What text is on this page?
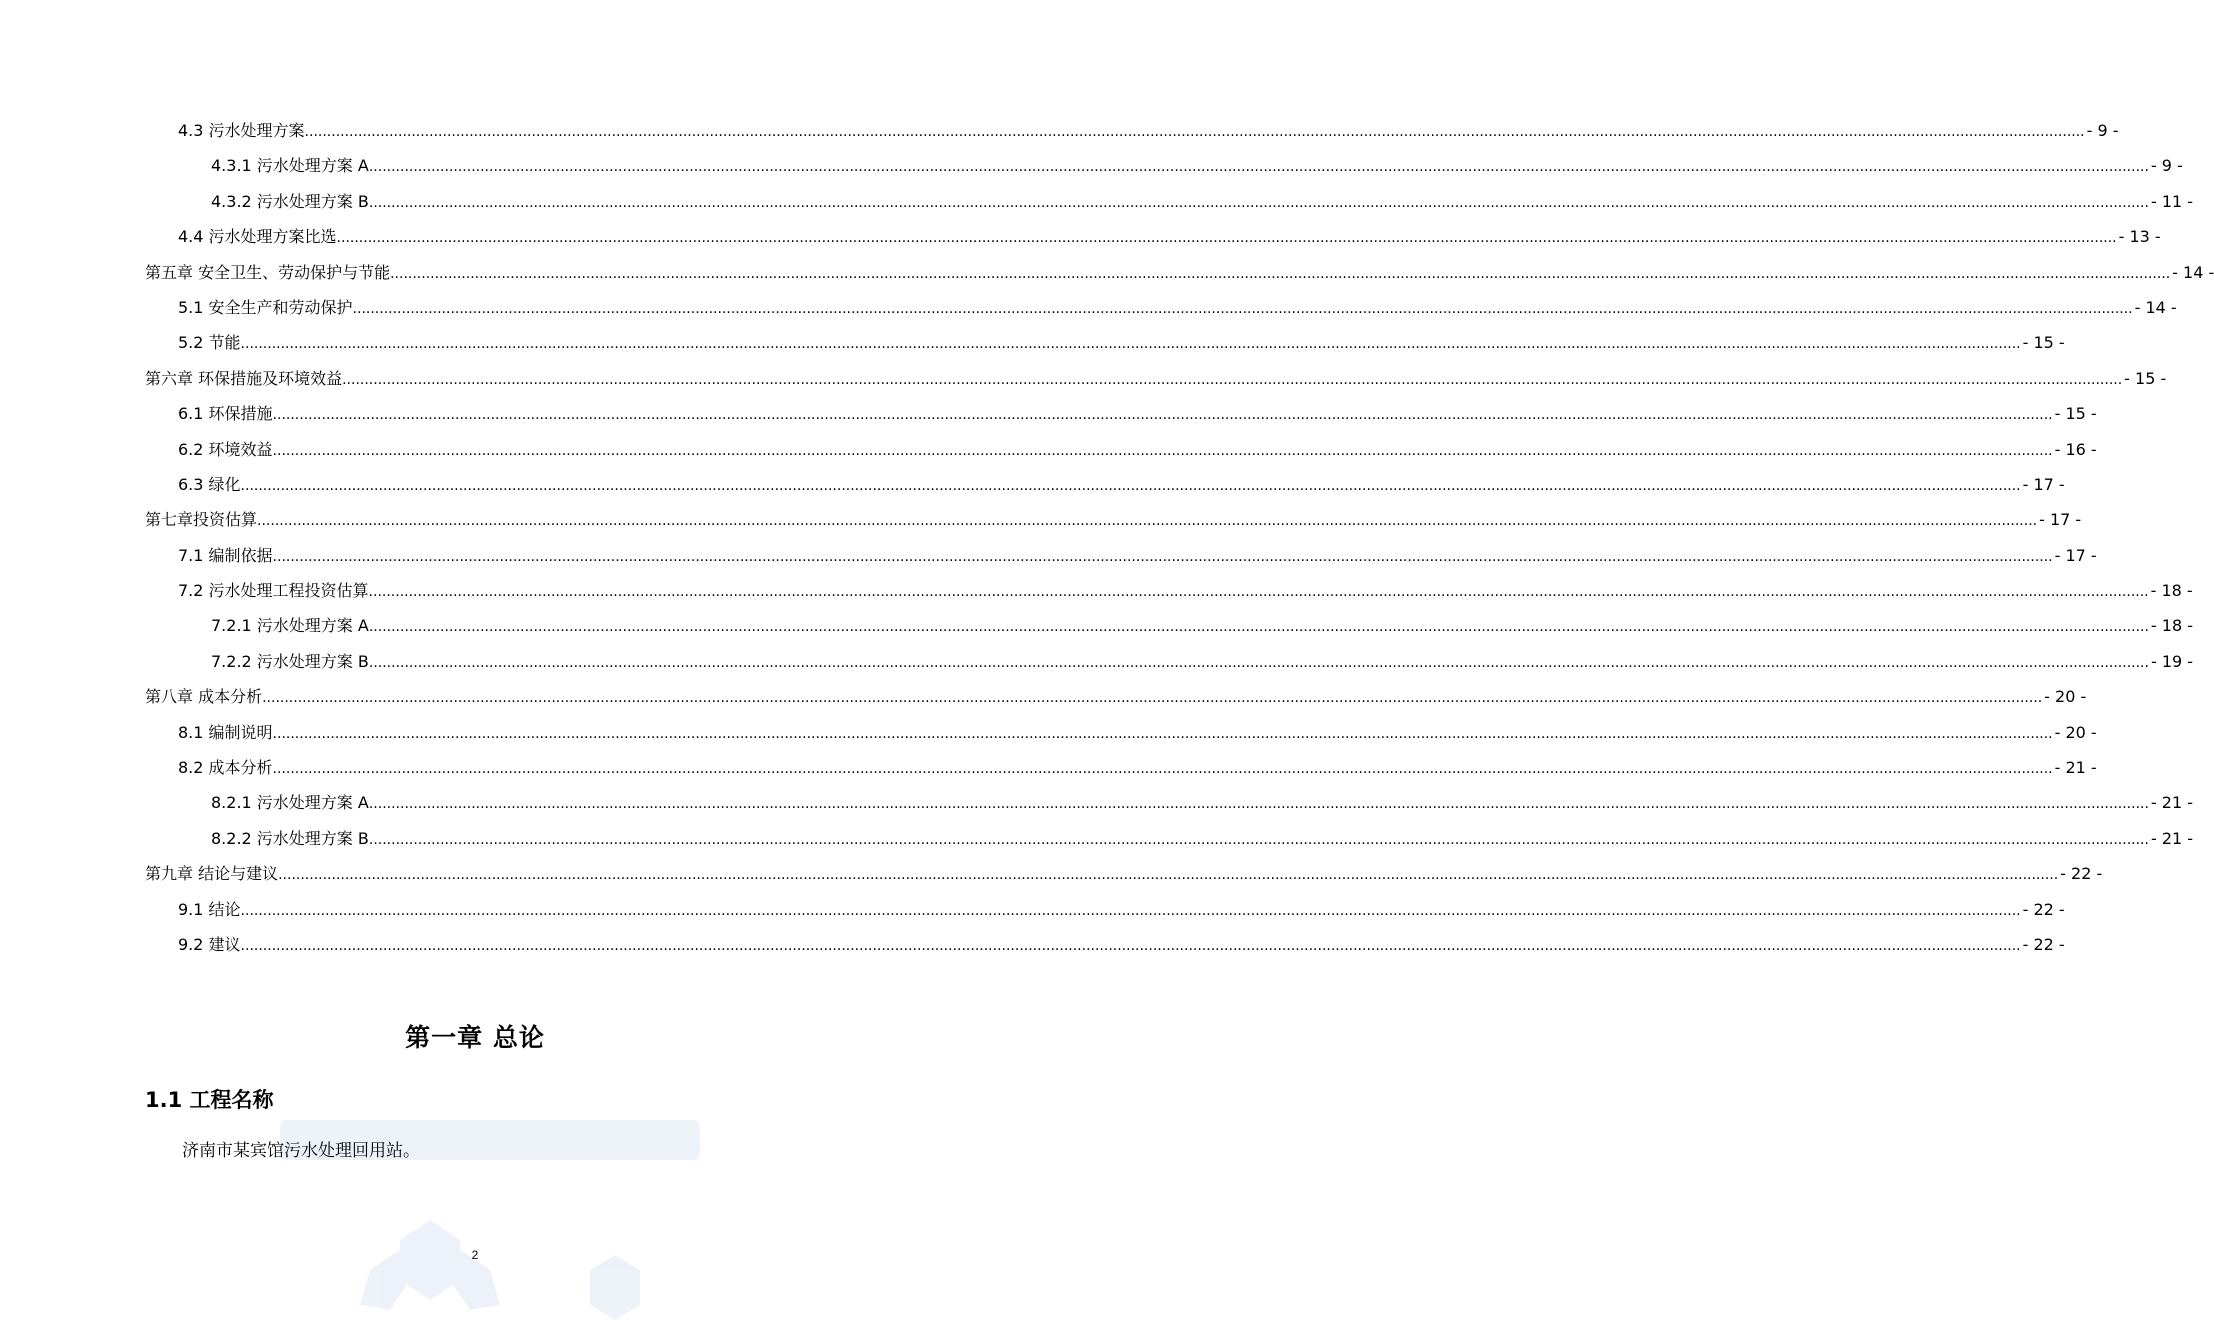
4.3 污水处理方案 ................................................................................................................................................................................................................................................................................................................................................................................................................ - 9 -
4.3.1 污水处理方案 A ................................................................................................................................................................................................................................................................................................................................................................................................................ - 9 -
4.3.2 污水处理方案 B ................................................................................................................................................................................................................................................................................................................................................................................................................ - 11 -
4.4 污水处理方案比选 ................................................................................................................................................................................................................................................................................................................................................................................................................ - 13 -
第五章 安全卫生、劳动保护与节能 ................................................................................................................................................................................................................................................................................................................................................................................................................ - 14 -
5.1 安全生产和劳动保护 ................................................................................................................................................................................................................................................................................................................................................................................................................ - 14 -
5.2 节能 ................................................................................................................................................................................................................................................................................................................................................................................................................ - 15 -
第六章 环保措施及环境效益 ................................................................................................................................................................................................................................................................................................................................................................................................................ - 15 -
6.1 环保措施 ................................................................................................................................................................................................................................................................................................................................................................................................................ - 15 -
6.2 环境效益 ................................................................................................................................................................................................................................................................................................................................................................................................................ - 16 -
6.3 绿化 ................................................................................................................................................................................................................................................................................................................................................................................................................ - 17 -
第七章投资估算 ................................................................................................................................................................................................................................................................................................................................................................................................................ - 17 -
7.1 编制依据 ................................................................................................................................................................................................................................................................................................................................................................................................................ - 17 -
7.2 污水处理工程投资估算 ................................................................................................................................................................................................................................................................................................................................................................................................................ - 18 -
7.2.1 污水处理方案 A ................................................................................................................................................................................................................................................................................................................................................................................................................ - 18 -
7.2.2 污水处理方案 B ................................................................................................................................................................................................................................................................................................................................................................................................................ - 19 -
第八章 成本分析 ................................................................................................................................................................................................................................................................................................................................................................................................................ - 20 -
8.1 编制说明 ................................................................................................................................................................................................................................................................................................................................................................................................................ - 20 -
8.2 成本分析 ................................................................................................................................................................................................................................................................................................................................................................................................................ - 21 -
8.2.1 污水处理方案 A ................................................................................................................................................................................................................................................................................................................................................................................................................ - 21 -
8.2.2 污水处理方案 B ................................................................................................................................................................................................................................................................................................................................................................................................................ - 21 -
第九章 结论与建议 ................................................................................................................................................................................................................................................................................................................................................................................................................ - 22 -
9.1 结论 ................................................................................................................................................................................................................................................................................................................................................................................................................ - 22 -
9.2 建议 ................................................................................................................................................................................................................................................................................................................................................................................................................ - 22 -
第一章 总论
1.1 工程名称
济南市某宾馆污水处理回用站。
2
